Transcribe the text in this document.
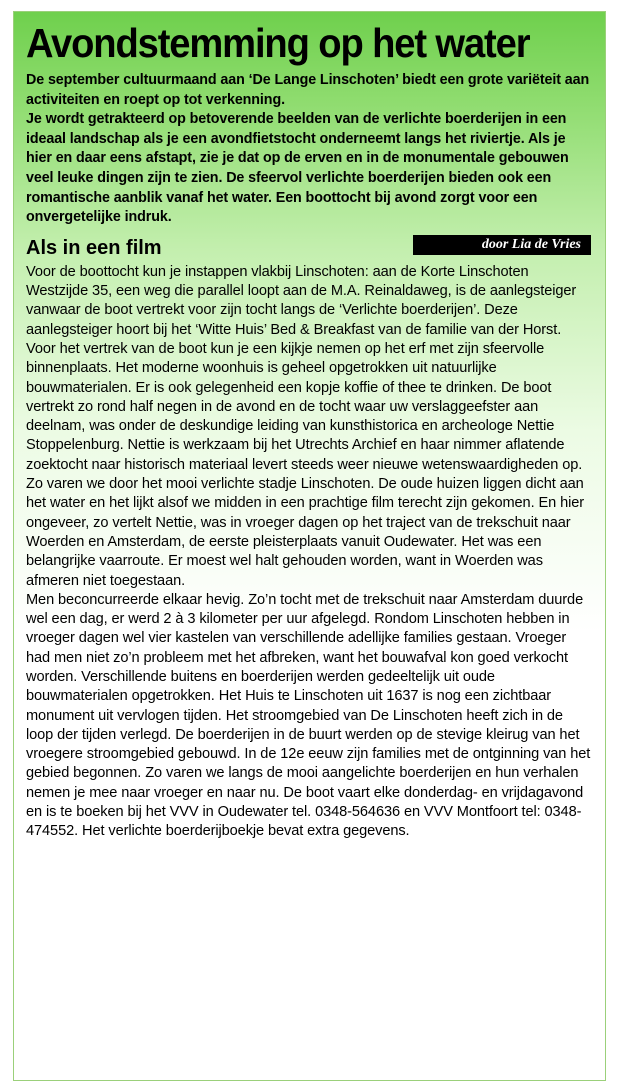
Avondstemming op het water

De september cultuurmaand aan ‘De Lange Linschoten’ biedt een grote variëteit aan activiteiten en roept op tot verkenning.

Je wordt getrakteerd op betoverende beelden van de verlichte boerderijen in een ideaal landschap als je een avondfietstocht onderneemt langs het riviertje. Als je hier en daar eens afstapt, zie je dat op de erven en in de monumentale gebouwen veel leuke dingen zijn te zien. De sfeervol verlichte boerderijen bieden ook een romantische aanblik vanaf het water. Een boottocht bij avond zorgt voor een onvergetelijke indruk.

Als in een film	door Lia de Vries

Voor de boottocht kun je instappen vlakbij Linschoten: aan de Korte Linschoten Westzijde 35, een weg die parallel loopt aan de M.A. Reinaldaweg, is de aanlegsteiger vanwaar de boot vertrekt voor zijn tocht langs de ‘Verlichte boerderijen’. Deze aanlegsteiger hoort bij het ‘Witte Huis’ Bed & Breakfast van de familie van der Horst. Voor het vertrek van de boot kun je een kijkje nemen op het erf met zijn sfeervolle binnenplaats. Het moderne woonhuis is geheel opgetrokken uit natuurlijke bouwmaterialen. Er is ook gelegenheid een kopje koffie of thee te drinken. De boot vertrekt zo rond half negen in de avond en de tocht waar uw verslaggeefster aan deelnam, was onder de deskundige leiding van kunsthistorica en archeologe Nettie Stoppelenburg. Nettie is werkzaam bij het Utrechts Archief en haar nimmer aflatende zoektocht naar historisch materiaal levert steeds weer nieuwe wetenswaardigheden op.

Zo varen we door het mooi verlichte stadje Linschoten. De oude huizen liggen dicht aan het water en het lijkt alsof we midden in een prachtige film terecht zijn gekomen. En hier ongeveer, zo vertelt Nettie, was in vroeger dagen op het traject van de trekschuit naar Woerden en Amsterdam, de eerste pleisterplaats vanuit Oudewater. Het was een belangrijke vaarroute. Er moest wel halt gehouden worden, want in Woerden was afmeren niet toegestaan.

Men beconcurreerde elkaar hevig. Zo’n tocht met de trekschuit naar Amsterdam duurde wel een dag, er werd 2 à 3 kilometer per uur afgelegd. Rondom Linschoten hebben in vroeger dagen wel vier kastelen van verschillende adellijke families gestaan. Vroeger had men niet zo’n probleem met het afbreken, want het bouwafval kon goed verkocht worden. Verschillende buitens en boerderijen werden gedeeltelijk uit oude bouwmaterialen opgetrokken. Het Huis te Linschoten uit 1637 is nog een zichtbaar monument uit vervlogen tijden. Het stroomgebied van De Linschoten heeft zich in de loop der tijden verlegd. De boerderijen in de buurt werden op de stevige kleirug van het vroegere stroomgebied gebouwd. In de 12e eeuw zijn families met de ontginning van het gebied begonnen. Zo varen we langs de mooi aangelichte boerderijen en hun verhalen nemen je mee naar vroeger en naar nu. De boot vaart elke donderdag- en vrijdagavond en is te boeken bij het VVV in Oudewater tel. 0348-564636 en VVV Montfoort tel: 0348-474552. Het verlichte boerderijboekje bevat extra gegevens.
